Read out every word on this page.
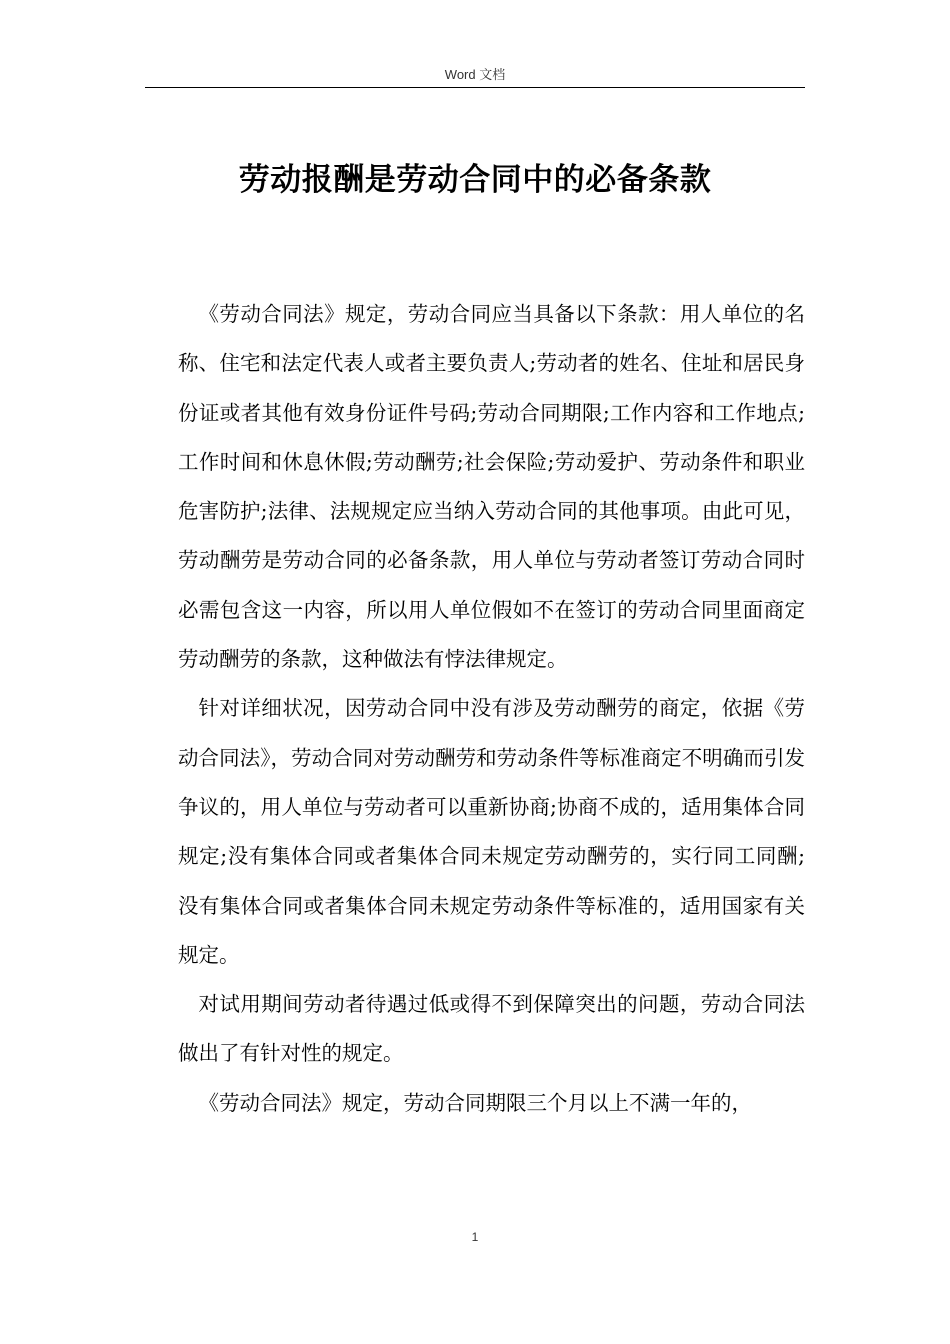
Word 文档
劳动报酬是劳动合同中的必备条款

《劳动合同法》规定，劳动合同应当具备以下条款：用人单位的名称、住宅和法定代表人或者主要负责人;劳动者的姓名、住址和居民身份证或者其他有效身份证件号码;劳动合同期限;工作内容和工作地点;工作时间和休息休假;劳动酬劳;社会保险;劳动爱护、劳动条件和职业危害防护;法律、法规规定应当纳入劳动合同的其他事项。由此可见，劳动酬劳是劳动合同的必备条款，用人单位与劳动者签订劳动合同时必需包含这一内容，所以用人单位假如不在签订的劳动合同里面商定劳动酬劳的条款，这种做法有悖法律规定。

针对详细状况，因劳动合同中没有涉及劳动酬劳的商定，依据《劳动合同法》，劳动合同对劳动酬劳和劳动条件等标准商定不明确而引发争议的，用人单位与劳动者可以重新协商;协商不成的，适用集体合同规定;没有集体合同或者集体合同未规定劳动酬劳的，实行同工同酬;没有集体合同或者集体合同未规定劳动条件等标准的，适用国家有关规定。

对试用期间劳动者待遇过低或得不到保障突出的问题，劳动合同法做出了有针对性的规定。

《劳动合同法》规定，劳动合同期限三个月以上不满一年的，

1
